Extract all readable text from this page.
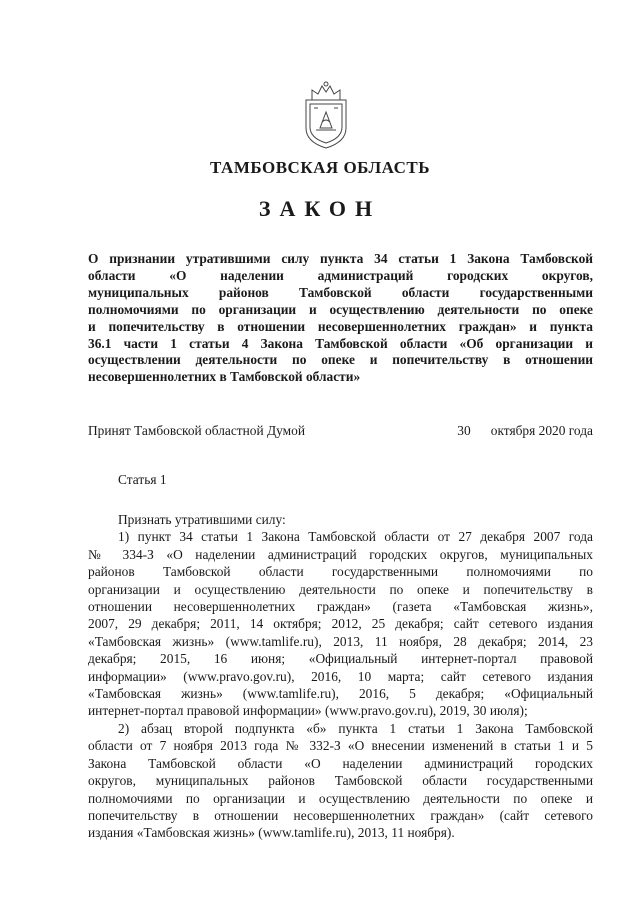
ТАМБОВСКАЯ ОБЛАСТЬ
ЗАКОН
О признании утратившими силу пункта 34 статьи 1 Закона Тамбовской
области «О наделении администраций городских округов,
муниципальных районов Тамбовской области государственными
полномочиями по организации и осуществлению деятельности по опеке
и попечительству в отношении несовершеннолетних граждан» и пункта
36.1 части 1 статьи 4 Закона Тамбовской области «Об организации и
осуществлении деятельности по опеке и попечительству в отношении
несовершеннолетних в Тамбовской области»
Принят Тамбовской областной Думой	30 октября 2020 года
Статья 1
Признать утратившими силу:
1) пункт 34 статьи 1 Закона Тамбовской области от 27 декабря 2007 года
№ 334-З «О наделении администраций городских округов, муниципальных
районов Тамбовской области государственными полномочиями по
организации и осуществлению деятельности по опеке и попечительству в
отношении несовершеннолетних граждан» (газета «Тамбовская жизнь»,
2007, 29 декабря; 2011, 14 октября; 2012, 25 декабря; сайт сетевого издания
«Тамбовская жизнь» (www.tamlife.ru), 2013, 11 ноября, 28 декабря; 2014, 23
декабря; 2015, 16 июня; «Официальный интернет-портал правовой
информации» (www.pravo.gov.ru), 2016, 10 марта; сайт сетевого издания
«Тамбовская жизнь» (www.tamlife.ru), 2016, 5 декабря; «Официальный
интернет-портал правовой информации» (www.pravo.gov.ru), 2019, 30 июля);
2) абзац второй подпункта «б» пункта 1 статьи 1 Закона Тамбовской
области от 7 ноября 2013 года № 332-З «О внесении изменений в статьи 1 и 5
Закона Тамбовской области «О наделении администраций городских
округов, муниципальных районов Тамбовской области государственными
полномочиями по организации и осуществлению деятельности по опеке и
попечительству в отношении несовершеннолетних граждан» (сайт сетевого
издания «Тамбовская жизнь» (www.tamlife.ru), 2013, 11 ноября).
